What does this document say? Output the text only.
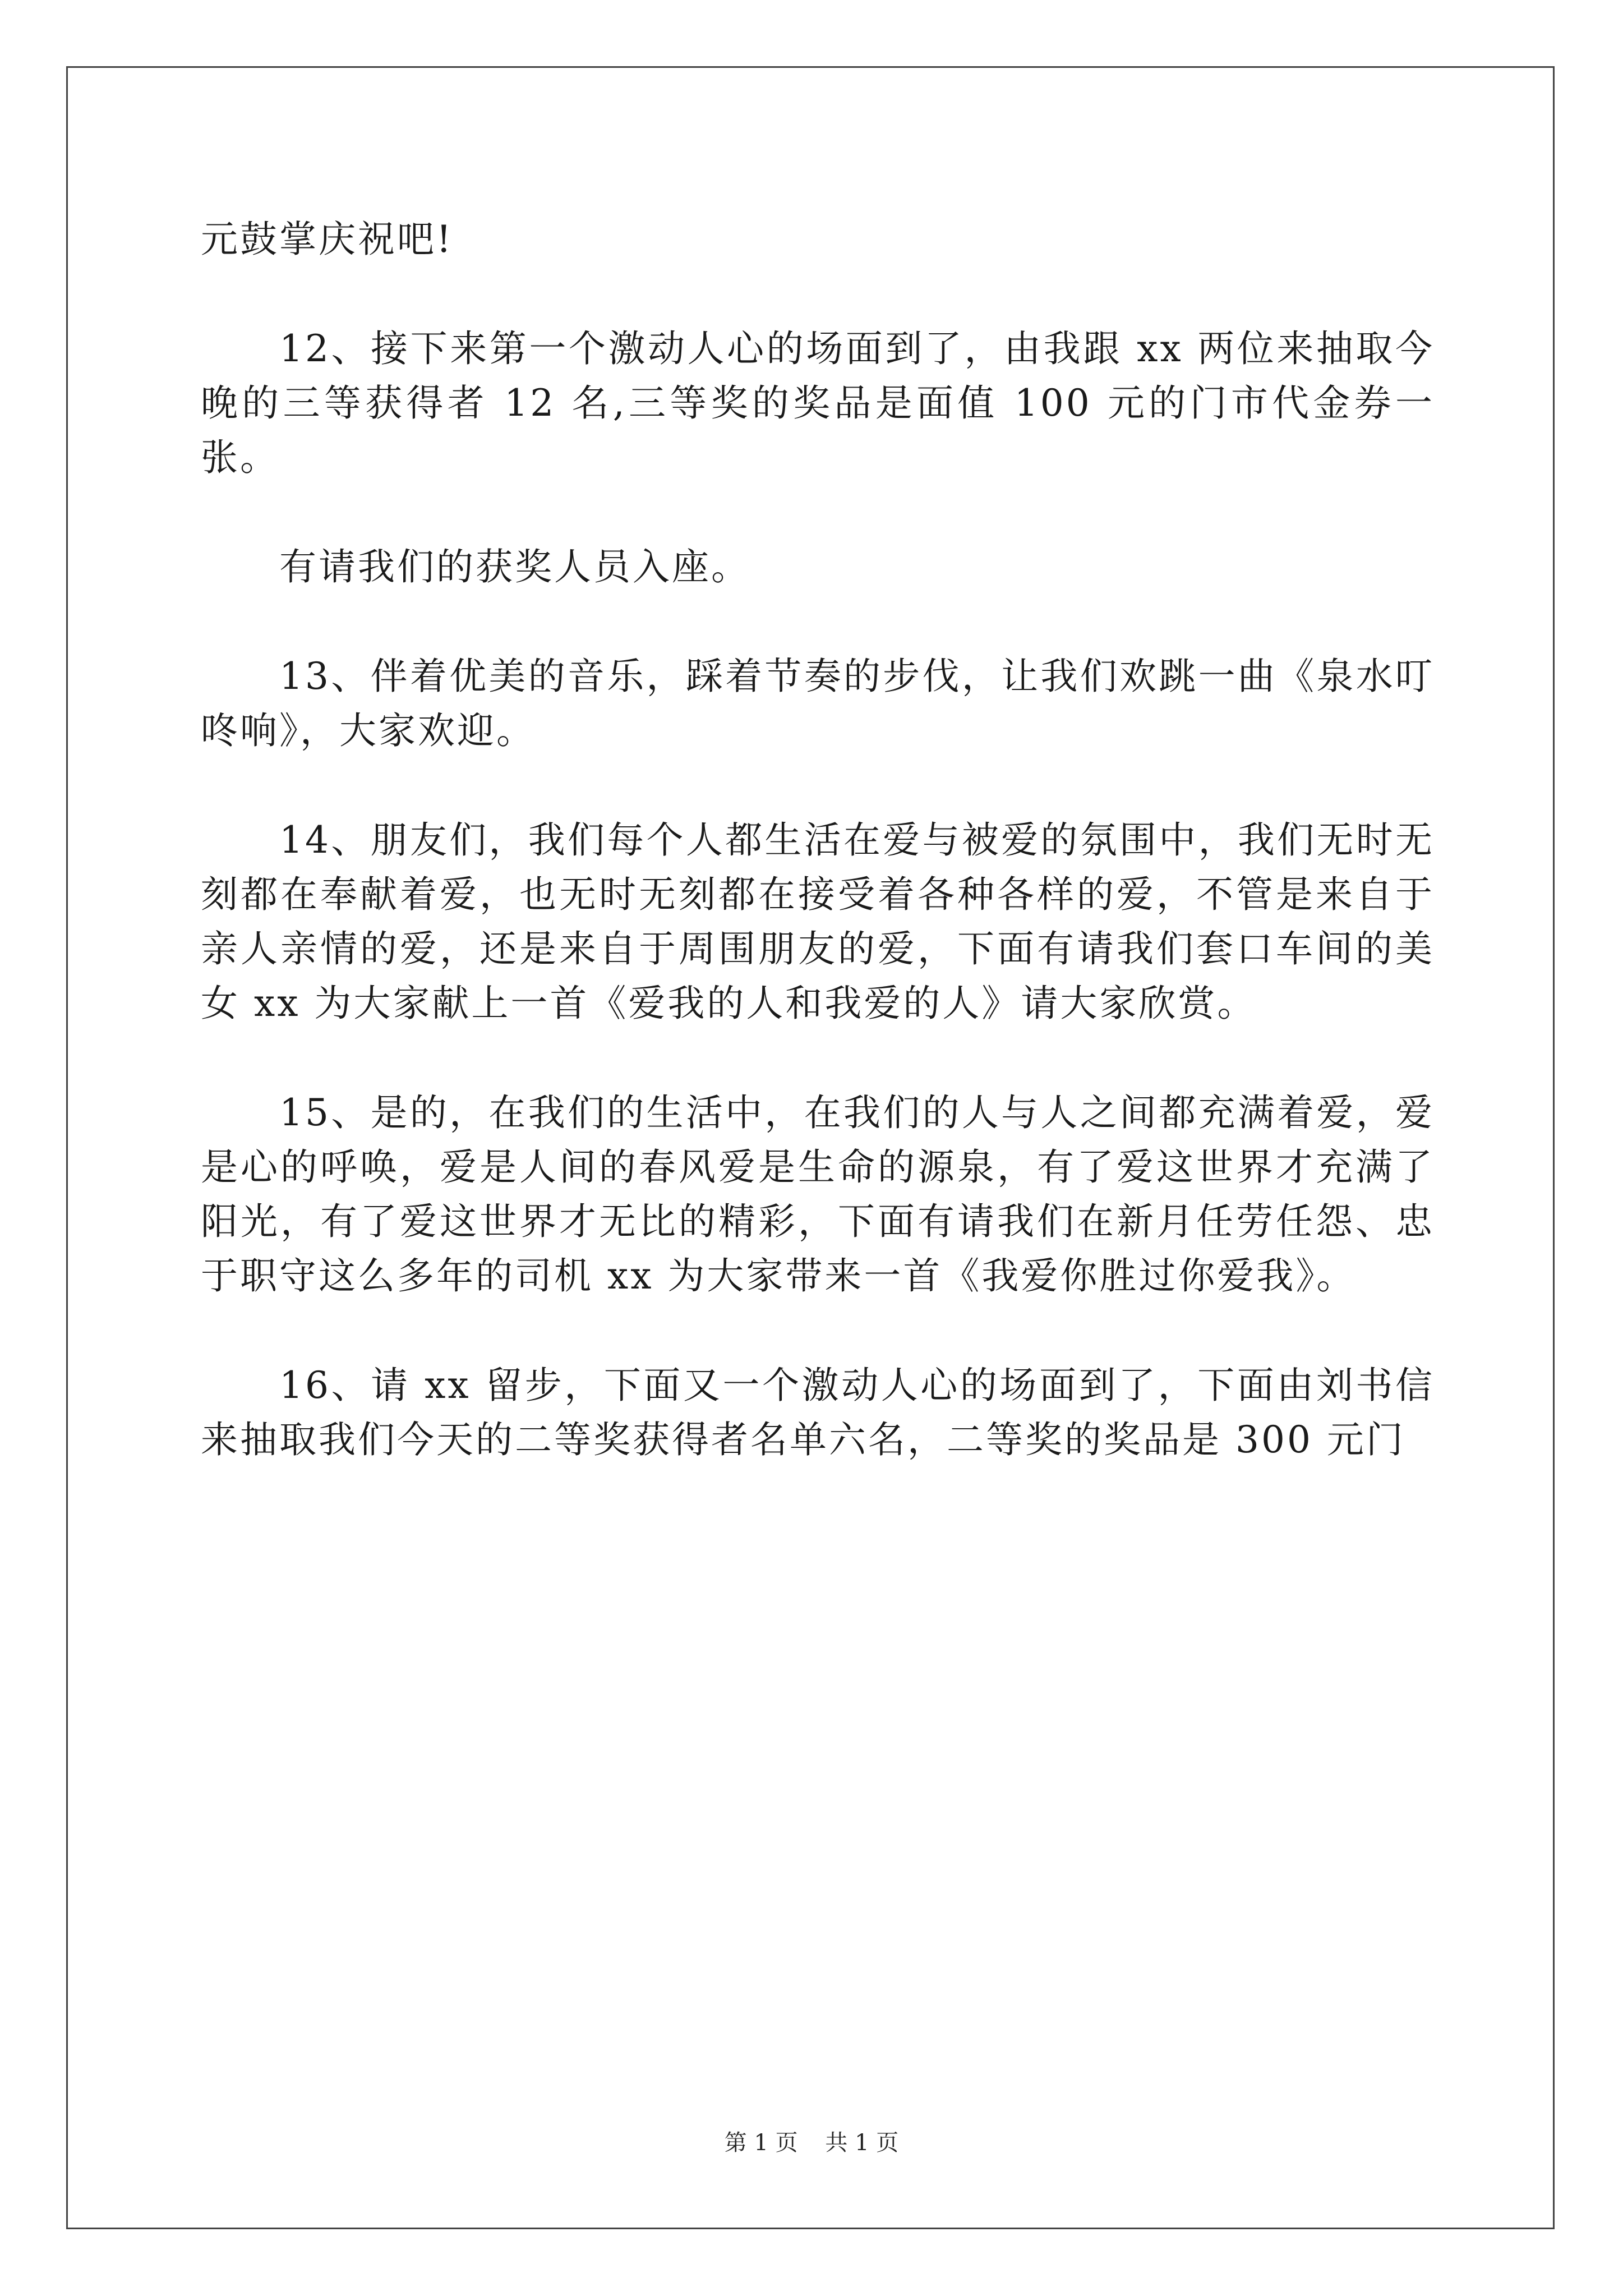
元鼓掌庆祝吧!

12、接下来第一个激动人心的场面到了，由我跟 xx 两位来抽取今晚的三等获得者 12 名,三等奖的奖品是面值 100 元的门市代金券一张。

有请我们的获奖人员入座。

13、伴着优美的音乐，踩着节奏的步伐，让我们欢跳一曲《泉水叮咚响》，大家欢迎。

14、朋友们，我们每个人都生活在爱与被爱的氛围中，我们无时无刻都在奉献着爱，也无时无刻都在接受着各种各样的爱，不管是来自于亲人亲情的爱，还是来自于周围朋友的爱，下面有请我们套口车间的美女 xx 为大家献上一首《爱我的人和我爱的人》请大家欣赏。

15、是的，在我们的生活中，在我们的人与人之间都充满着爱，爱是心的呼唤，爱是人间的春风爱是生命的源泉，有了爱这世界才充满了阳光，有了爱这世界才无比的精彩，下面有请我们在新月任劳任怨、忠于职守这么多年的司机 xx 为大家带来一首《我爱你胜过你爱我》。

16、请 xx 留步，下面又一个激动人心的场面到了，下面由刘书信来抽取我们今天的二等奖获得者名单六名，二等奖的奖品是 300 元门

第 1 页 共 1 页
